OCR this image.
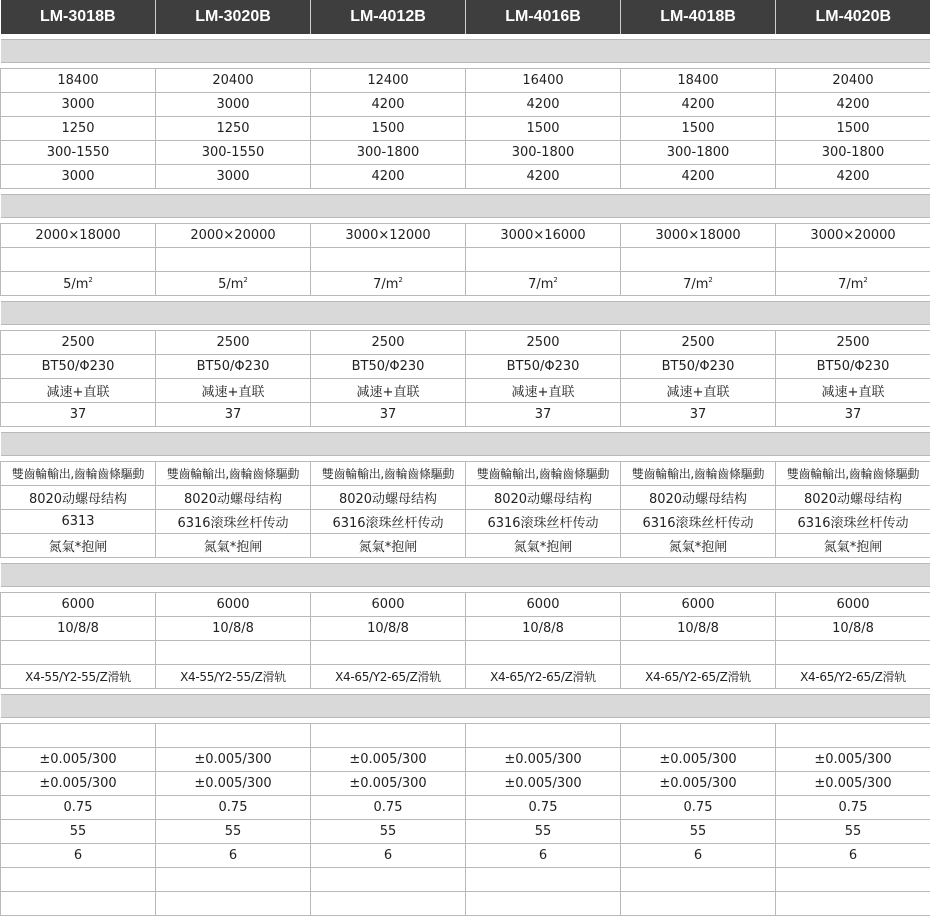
LM-3018B	LM-3020B	LM-4012B	LM-4016B	LM-4018B	LM-4020B

18400	20400	12400	16400	18400	20400
3000	3000	4200	4200	4200	4200
1250	1250	1500	1500	1500	1500
300-1550	300-1550	300-1800	300-1800	300-1800	300-1800
3000	3000	4200	4200	4200	4200

2000×18000	2000×20000	3000×12000	3000×16000	3000×18000	3000×20000

$5/m^2$	$5/m^2$	$7/m^2$	$7/m^2$	$7/m^2$	$7/m^2$

2500	2500	2500	2500	2500	2500
BT50/Φ230	BT50/Φ230	BT50/Φ230	BT50/Φ230	BT50/Φ230	BT50/Φ230
减速+直联	减速+直联	减速+直联	减速+直联	减速+直联	减速+直联
37	37	37	37	37	37

雙齒輪輸出,齒輪齒條驅動	雙齒輪輸出,齒輪齒條驅動	雙齒輪輸出,齒輪齒條驅動	雙齒輪輸出,齒輪齒條驅動	雙齒輪輸出,齒輪齒條驅動	雙齒輪輸出,齒輪齒條驅動
8020动螺母结构	8020动螺母结构	8020动螺母结构	8020动螺母结构	8020动螺母结构	8020动螺母结构
6313	6316滚珠丝杆传动	6316滚珠丝杆传动	6316滚珠丝杆传动	6316滚珠丝杆传动	6316滚珠丝杆传动
氮氣*抱闸	氮氣*抱闸	氮氣*抱闸	氮氣*抱闸	氮氣*抱闸	氮氣*抱闸

6000	6000	6000	6000	6000	6000
10/8/8	10/8/8	10/8/8	10/8/8	10/8/8	10/8/8

X4-55/Y2-55/Z滑轨	X4-55/Y2-55/Z滑轨	X4-65/Y2-65/Z滑轨	X4-65/Y2-65/Z滑轨	X4-65/Y2-65/Z滑轨	X4-65/Y2-65/Z滑轨

±0.005/300	±0.005/300	±0.005/300	±0.005/300	±0.005/300	±0.005/300
±0.005/300	±0.005/300	±0.005/300	±0.005/300	±0.005/300	±0.005/300
0.75	0.75	0.75	0.75	0.75	0.75
55	55	55	55	55	55
6	6	6	6	6	6
